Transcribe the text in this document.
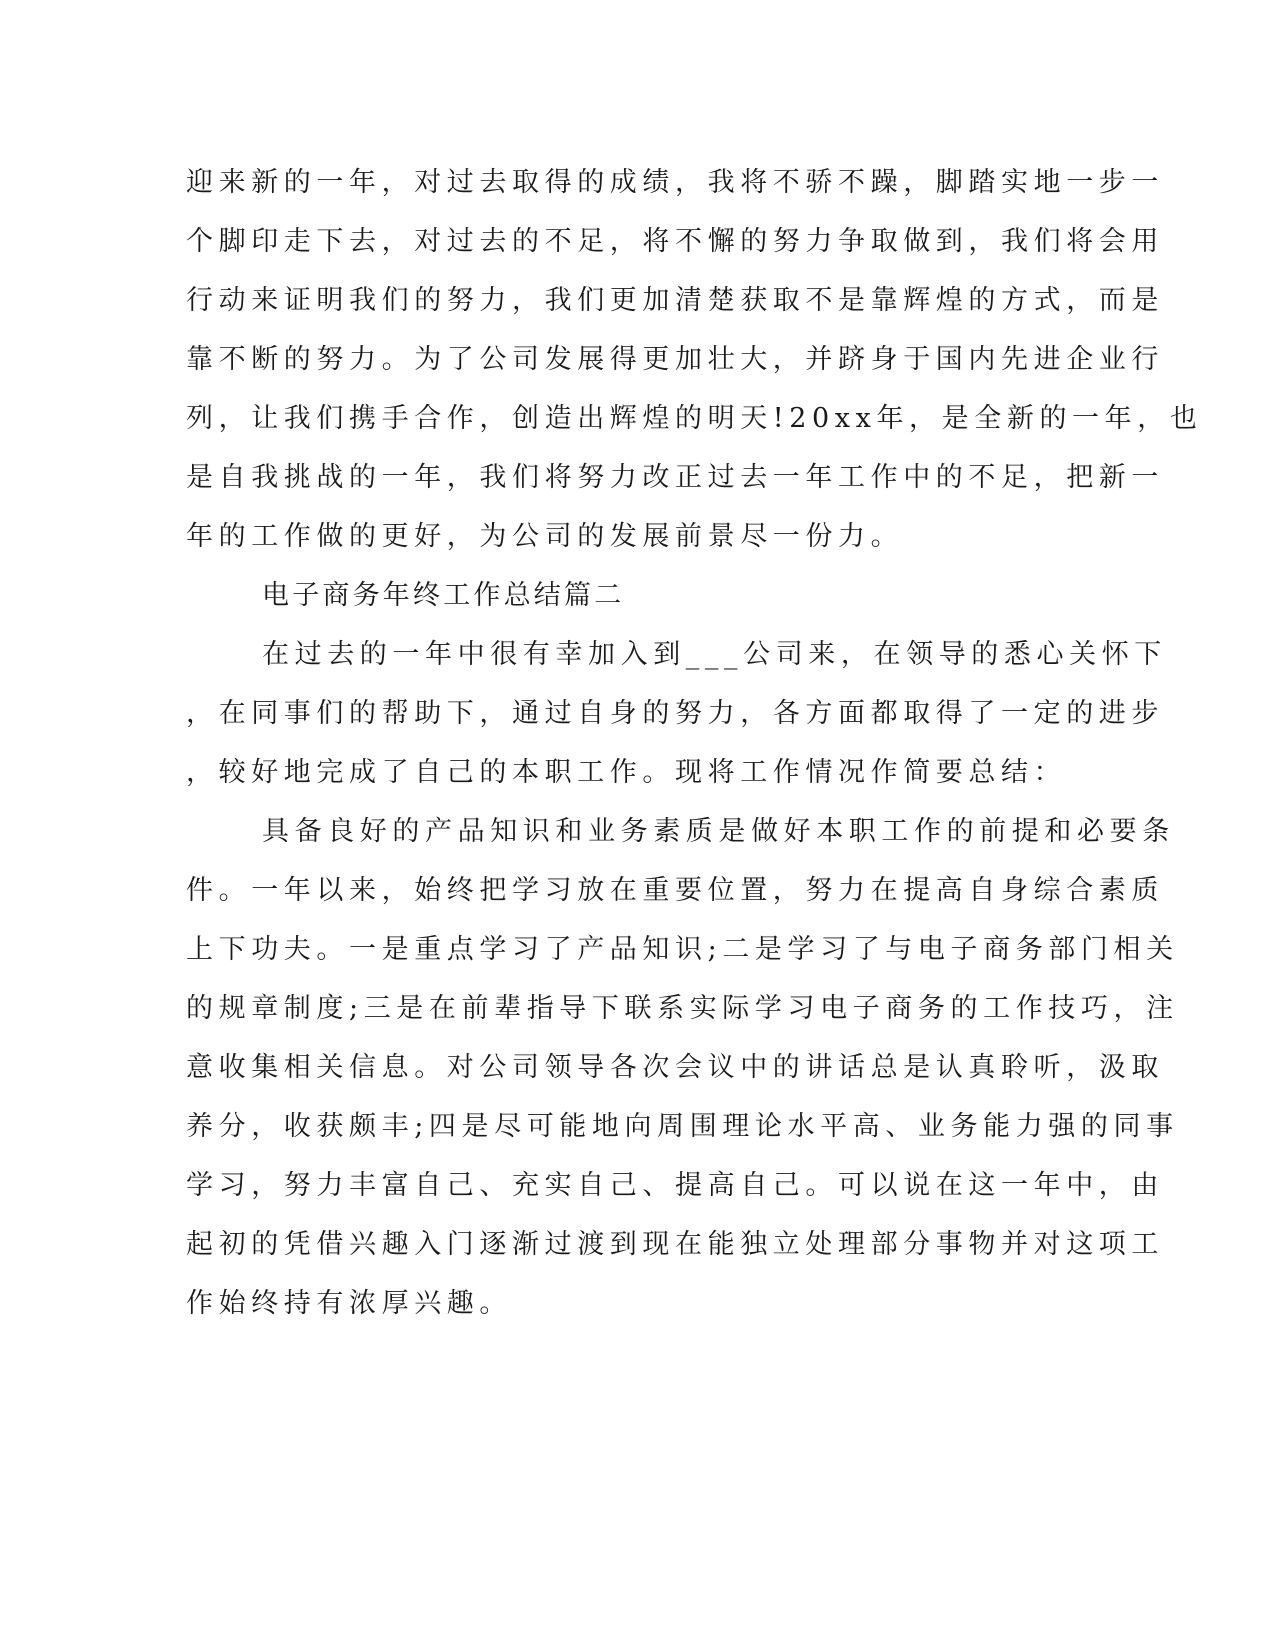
迎来新的一年，对过去取得的成绩，我将不骄不躁，脚踏实地一步一
个脚印走下去，对过去的不足，将不懈的努力争取做到，我们将会用
行动来证明我们的努力，我们更加清楚获取不是靠辉煌的方式，而是
靠不断的努力。为了公司发展得更加壮大，并跻身于国内先进企业行
列，让我们携手合作，创造出辉煌的明天!20xx年，是全新的一年，也
是自我挑战的一年，我们将努力改正过去一年工作中的不足，把新一
年的工作做的更好，为公司的发展前景尽一份力。
电子商务年终工作总结篇二
在过去的一年中很有幸加入到___公司来，在领导的悉心关怀下
，在同事们的帮助下，通过自身的努力，各方面都取得了一定的进步
，较好地完成了自己的本职工作。现将工作情况作简要总结：
具备良好的产品知识和业务素质是做好本职工作的前提和必要条
件。一年以来，始终把学习放在重要位置，努力在提高自身综合素质
上下功夫。一是重点学习了产品知识;二是学习了与电子商务部门相关
的规章制度;三是在前辈指导下联系实际学习电子商务的工作技巧，注
意收集相关信息。对公司领导各次会议中的讲话总是认真聆听，汲取
养分，收获颇丰;四是尽可能地向周围理论水平高、业务能力强的同事
学习，努力丰富自己、充实自己、提高自己。可以说在这一年中，由
起初的凭借兴趣入门逐渐过渡到现在能独立处理部分事物并对这项工
作始终持有浓厚兴趣。
